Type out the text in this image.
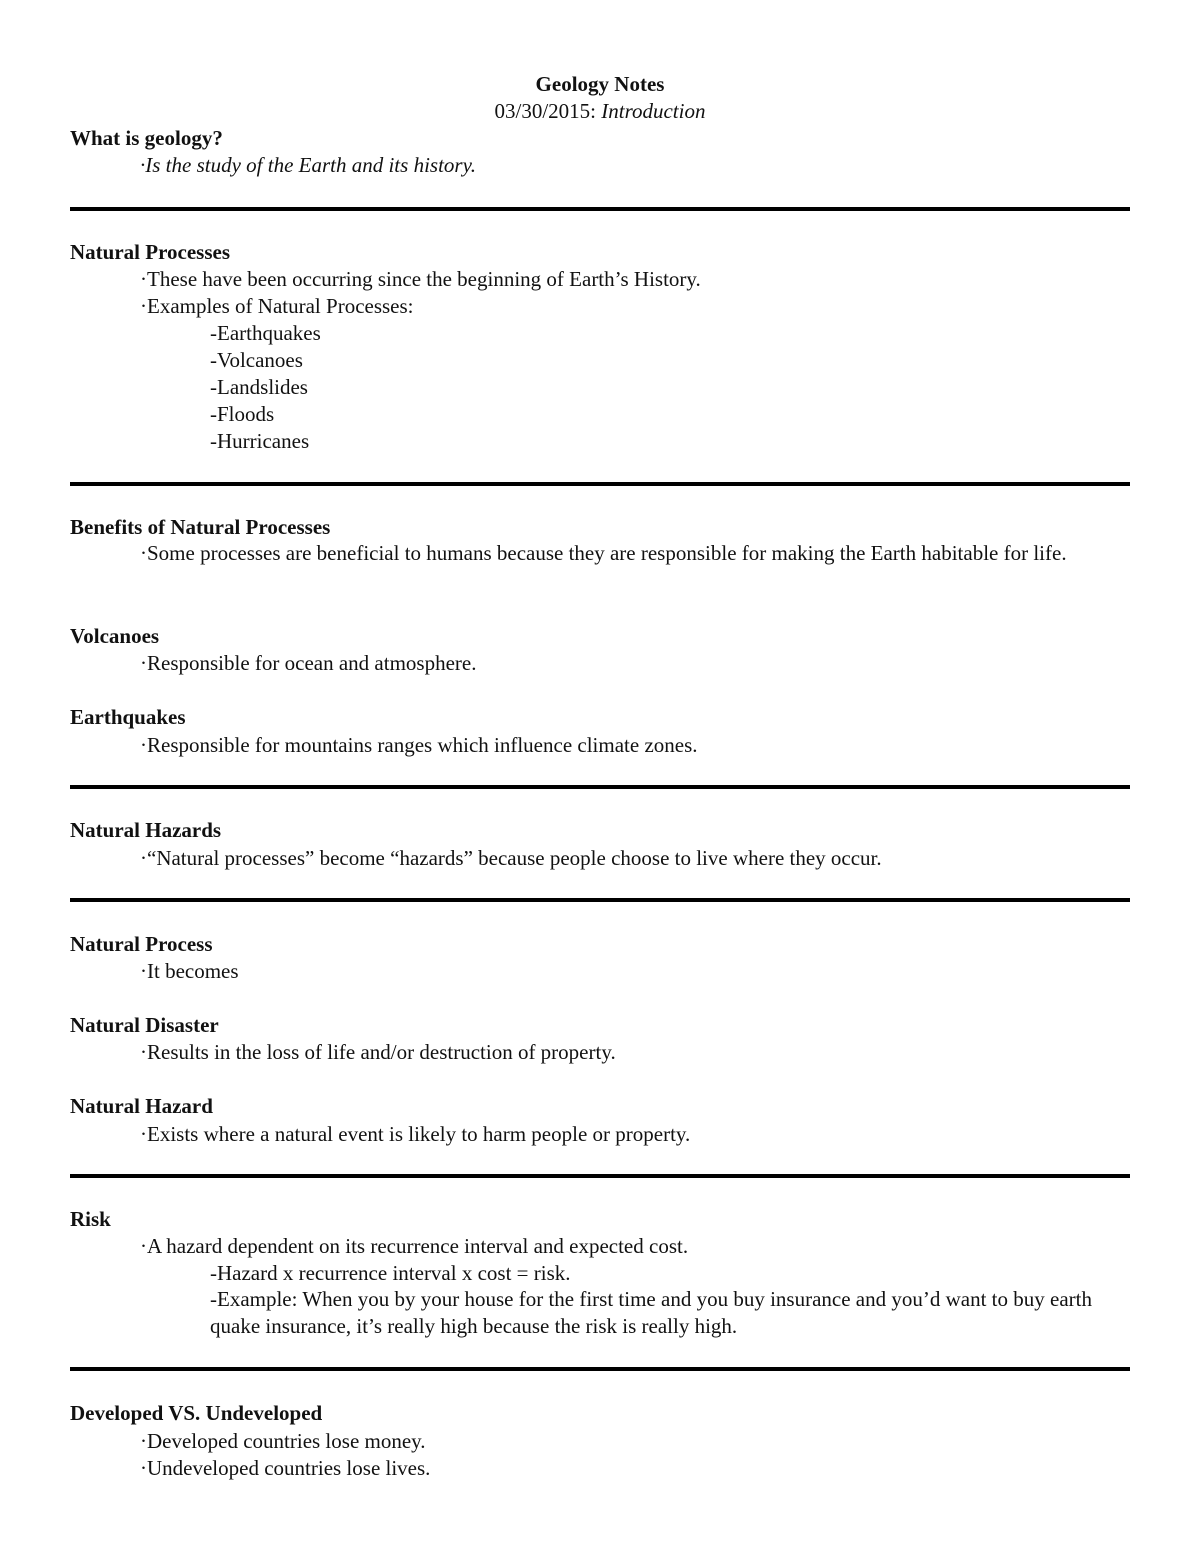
Geology Notes
03/30/2015: Introduction
What is geology?
·Is the study of the Earth and its history.
Natural Processes
·These have been occurring since the beginning of Earth’s History.
·Examples of Natural Processes:
-Earthquakes
-Volcanoes
-Landslides
-Floods
-Hurricanes
Benefits of Natural Processes
·Some processes are beneficial to humans because they are responsible for making the Earth habitable for life.
Volcanoes
·Responsible for ocean and atmosphere.
Earthquakes
·Responsible for mountains ranges which influence climate zones.
Natural Hazards
·“Natural processes” become “hazards” because people choose to live where they occur.
Natural Process
·It becomes
Natural Disaster
·Results in the loss of life and/or destruction of property.
Natural Hazard
·Exists where a natural event is likely to harm people or property.
Risk
·A hazard dependent on its recurrence interval and expected cost.
-Hazard x recurrence interval x cost = risk.
-Example: When you by your house for the first time and you buy insurance and you’d want to buy earth quake insurance, it’s really high because the risk is really high.
Developed VS. Undeveloped
·Developed countries lose money.
·Undeveloped countries lose lives.
